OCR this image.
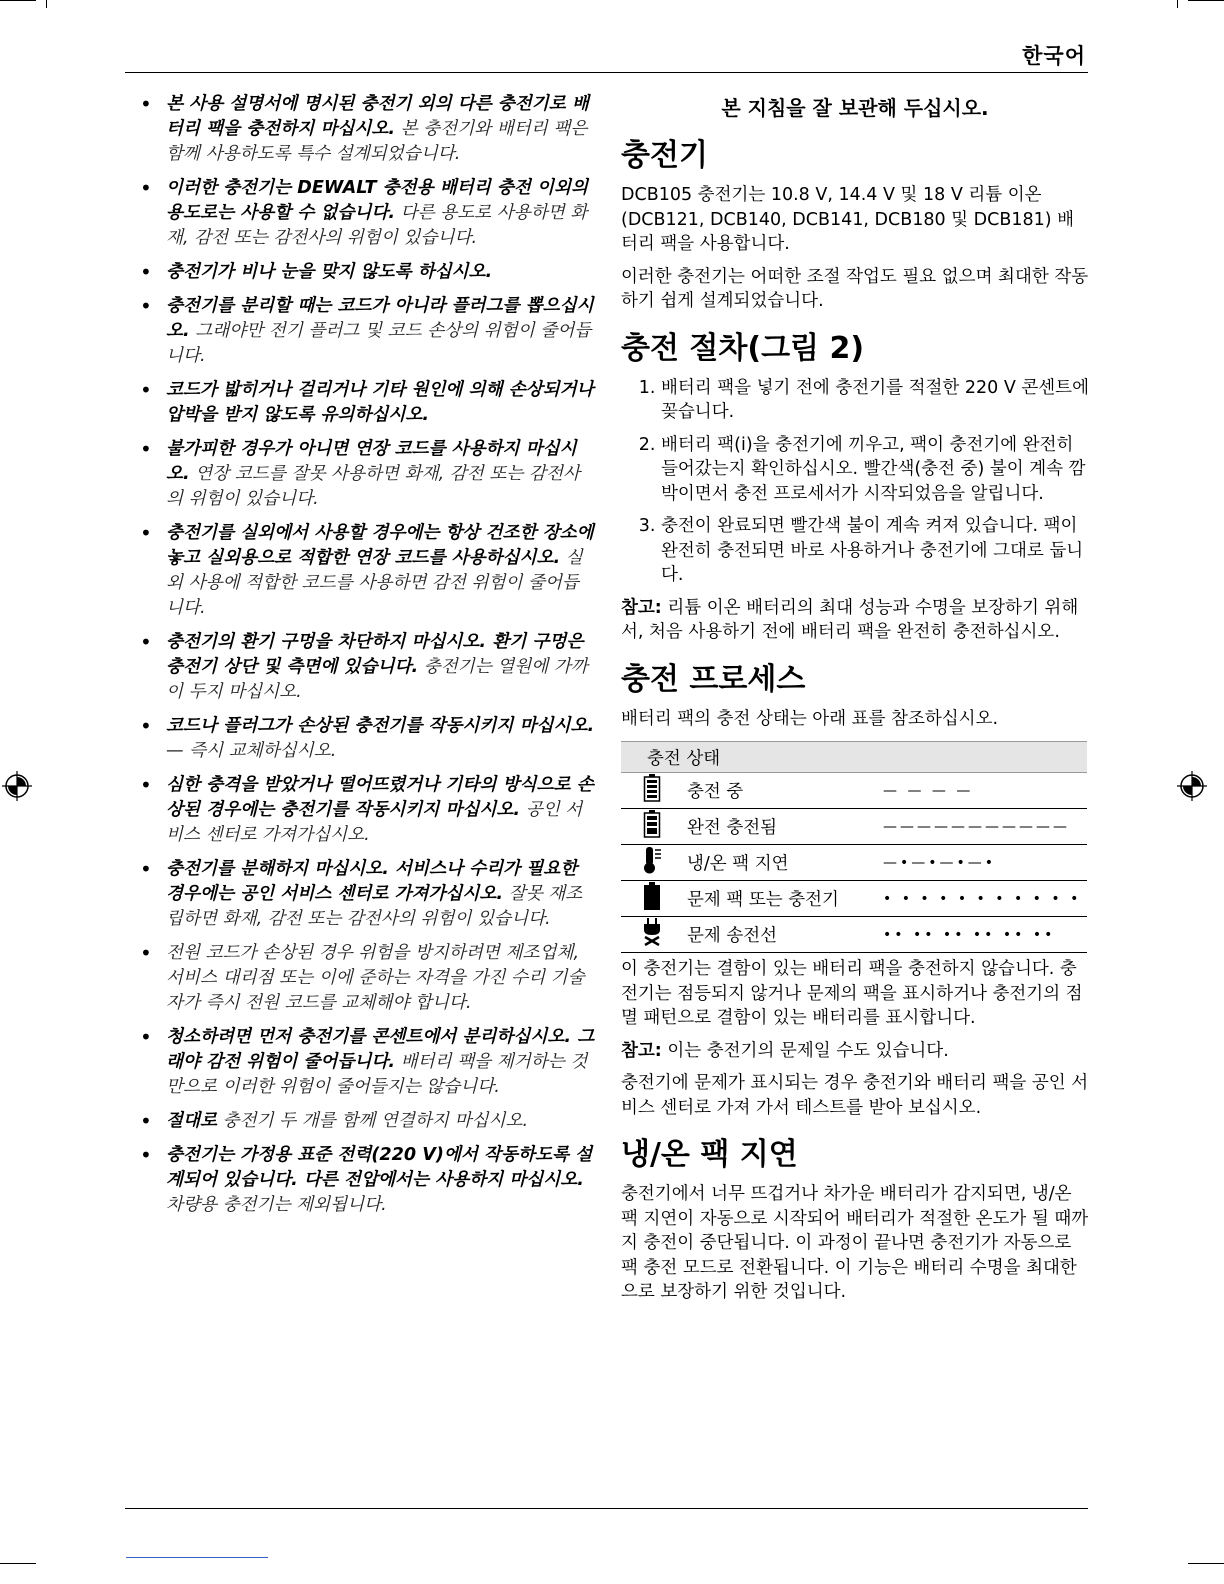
한국어
• 본 사용 설명서에 명시된 충전기 외의 다른 충전기로 배터리 팩을 충전하지 마십시오. 본 충전기와 배터리 팩은 함께 사용하도록 특수 설계되었습니다.
• 이러한 충전기는 DEWALT 충전용 배터리 충전 이외의 용도로는 사용할 수 없습니다. 다른 용도로 사용하면 화재, 감전 또는 감전사의 위험이 있습니다.
• 충전기가 비나 눈을 맞지 않도록 하십시오.
• 충전기를 분리할 때는 코드가 아니라 플러그를 뽑으십시오. 그래야만 전기 플러그 및 코드 손상의 위험이 줄어듭니다.
• 코드가 밟히거나 걸리거나 기타 원인에 의해 손상되거나 압박을 받지 않도록 유의하십시오.
• 불가피한 경우가 아니면 연장 코드를 사용하지 마십시오. 연장 코드를 잘못 사용하면 화재, 감전 또는 감전사의 위험이 있습니다.
• 충전기를 실외에서 사용할 경우에는 항상 건조한 장소에 놓고 실외용으로 적합한 연장 코드를 사용하십시오. 실외 사용에 적합한 코드를 사용하면 감전 위험이 줄어듭니다.
• 충전기의 환기 구멍을 차단하지 마십시오. 환기 구멍은 충전기 상단 및 측면에 있습니다. 충전기는 열원에 가까이 두지 마십시오.
• 코드나 플러그가 손상된 충전기를 작동시키지 마십시오. — 즉시 교체하십시오.
• 심한 충격을 받았거나 떨어뜨렸거나 기타의 방식으로 손상된 경우에는 충전기를 작동시키지 마십시오. 공인 서비스 센터로 가져가십시오.
• 충전기를 분해하지 마십시오. 서비스나 수리가 필요한 경우에는 공인 서비스 센터로 가져가십시오. 잘못 재조립하면 화재, 감전 또는 감전사의 위험이 있습니다.
• 전원 코드가 손상된 경우 위험을 방지하려면 제조업체, 서비스 대리점 또는 이에 준하는 자격을 가진 수리 기술자가 즉시 전원 코드를 교체해야 합니다.
• 청소하려면 먼저 충전기를 콘센트에서 분리하십시오. 그래야 감전 위험이 줄어듭니다. 배터리 팩을 제거하는 것만으로 이러한 위험이 줄어들지는 않습니다.
• 절대로 충전기 두 개를 함께 연결하지 마십시오.
• 충전기는 가정용 표준 전력(220 V)에서 작동하도록 설계되어 있습니다. 다른 전압에서는 사용하지 마십시오. 차량용 충전기는 제외됩니다.
본 지침을 잘 보관해 두십시오.
충전기

DCB105 충전기는 10.8 V, 14.4 V 및 18 V 리튬 이온 (DCB121, DCB140, DCB141, DCB180 및 DCB181) 배터리 팩을 사용합니다.

이러한 충전기는 어떠한 조절 작업도 필요 없으며 최대한 작동하기 쉽게 설계되었습니다.

충전 절차(그림 2)
1. 배터리 팩을 넣기 전에 충전기를 적절한 220 V 콘센트에 꽂습니다.
2. 배터리 팩(i)을 충전기에 끼우고, 팩이 충전기에 완전히 들어갔는지 확인하십시오. 빨간색(충전 중) 불이 계속 깜박이면서 충전 프로세서가 시작되었음을 알립니다.
3. 충전이 완료되면 빨간색 불이 계속 켜져 있습니다. 팩이 완전히 충전되면 바로 사용하거나 충전기에 그대로 둡니다.

참고: 리튬 이온 배터리의 최대 성능과 수명을 보장하기 위해서, 처음 사용하기 전에 배터리 팩을 완전히 충전하십시오.

충전 프로세스

배터리 팩의 충전 상태는 아래 표를 참조하십시오.

충전 상태		
	충전 중	— — — —
	완전 충전됨	———————————
	냉/온 팩 지연	—•—•—•—•
	문제 팩 또는 충전기	• • • • • • • • • • •
	문제 송전선	•• •• •• •• •• ••

이 충전기는 결함이 있는 배터리 팩을 충전하지 않습니다. 충전기는 점등되지 않거나 문제의 팩을 표시하거나 충전기의 점멸 패턴으로 결함이 있는 배터리를 표시합니다.

참고: 이는 충전기의 문제일 수도 있습니다.

충전기에 문제가 표시되는 경우 충전기와 배터리 팩을 공인 서비스 센터로 가져 가서 테스트를 받아 보십시오.

냉/온 팩 지연

충전기에서 너무 뜨겁거나 차가운 배터리가 감지되면, 냉/온 팩 지연이 자동으로 시작되어 배터리가 적절한 온도가 될 때까지 충전이 중단됩니다. 이 과정이 끝나면 충전기가 자동으로 팩 충전 모드로 전환됩니다. 이 기능은 배터리 수명을 최대한으로 보장하기 위한 것입니다.
